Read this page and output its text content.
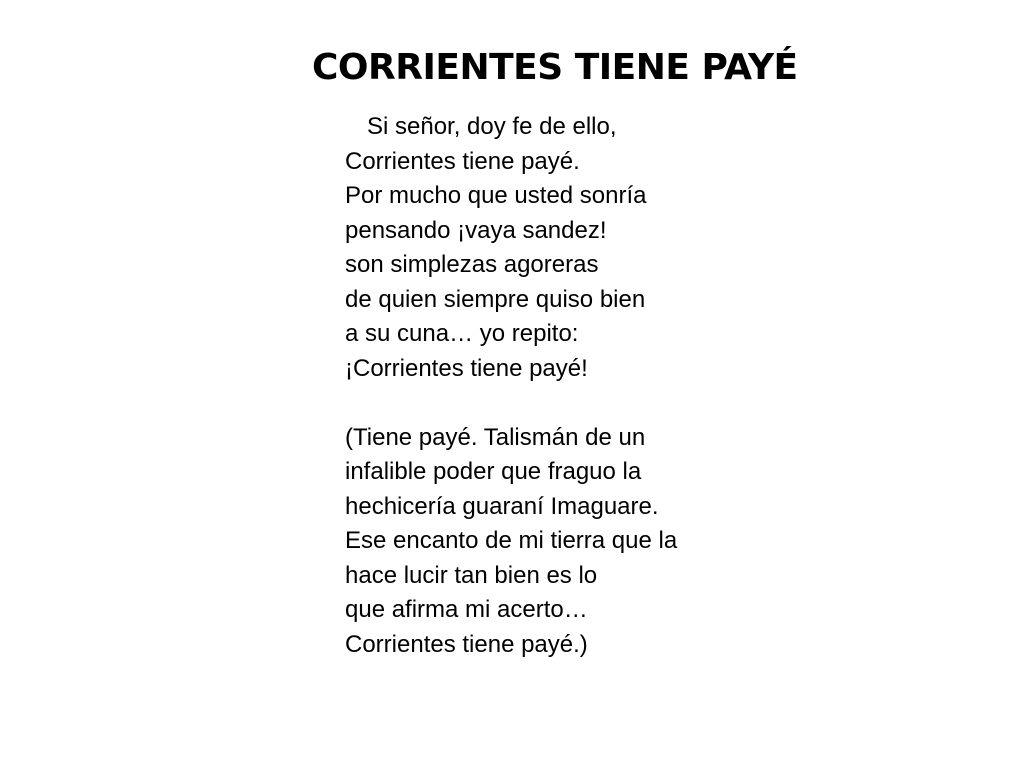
CORRIENTES TIENE PAYÉ
Si señor, doy fe de ello,
Corrientes tiene payé.
Por mucho que usted sonría
pensando ¡vaya sandez!
son simplezas agoreras
de quien siempre quiso bien
a su cuna… yo repito:
¡Corrientes tiene payé!
(Tiene payé. Talismán de un
infalible poder que fraguo la
hechicería guaraní Imaguare.
Ese encanto de mi tierra que la
hace lucir tan bien es lo
que afirma mi acerto…
Corrientes tiene payé.)
